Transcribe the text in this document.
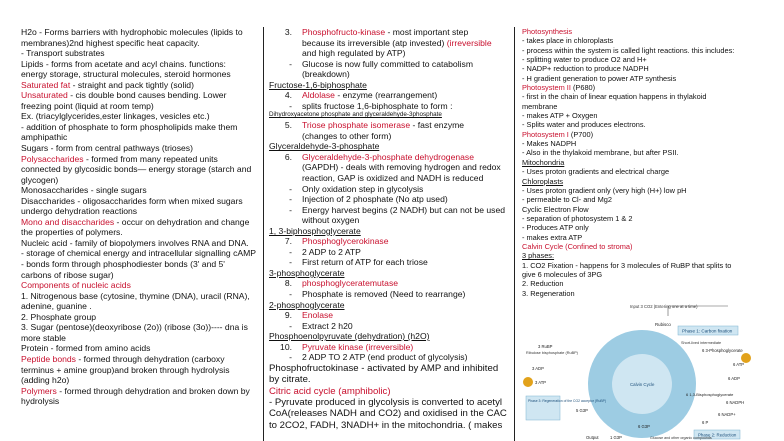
H2o - Forms barriers with hydrophobic molecules (lipids to
membranes)2nd highest specific heat capacity.
- Transport substrates
Lipids - forms from acetate and acyl chains. functions:
energy storage, structural molecules, steroid hormones
Saturated fat - straight and pack tightly (solid)
Unsaturated - cis double bond causes bending. Lower
freezing point (liquid at room temp)
Ex. (triacylglycerides,ester linkages, vesicles etc.)
- addition of phosphate to form phospholipids make them
amphipathic
Sugars - form from central pathways (trioses)
Polysaccharides - formed from many repeated units
connected by glycosidic bonds— energy storage (starch and
glycogen)
Monosaccharides - single sugars
Disaccharides - oligosaccharides form when mixed sugars
undergo dehydration reactions
Mono and disaccharides - occur on dehydration and change
the properties of polymers.
Nucleic acid - family of biopolymers involves RNA and DNA.
- storage of chemical energy and intracellular signalling cAMP
- bonds form through phosphodiester bonds (3' and 5'
carbons of ribose sugar)
Components of nucleic acids
1. Nitrogenous base (cytosine, thymine (DNA), uracil (RNA),
adenine, guanine .
2. Phosphate group
3. Sugar (pentose)(deoxyribose (2o)) (ribose (3o))---- dna is
more stable
Protein - formed from amino acids
Peptide bonds - formed through dehydration (carboxy
terminus + amine group)and broken through hydrolysis
(adding h2o)
Polymers - formed through dehydration and broken down by
hydrolysis
3. Phosphofructo-kinase - most important step
because its irreversible (atp invested) (irreversible
and high regulated by ATP)
- Glucose is now fully committed to catabolism
(breakdown)
Fructose-1,6-biphosphate
4. Aldolase - enzyme (rearrangement)
- splits fructose 1,6-biphosphate to form :
Dihydroxyacetone phosphate and glyceraldehyde-3phosphate
5. Triose phosphate isomerase - fast enzyme
(changes to other form)
Glyceraldehyde-3-phosphate
6. Glyceraldehyde-3-phosphate dehydrogenase
(GAPDH) - deals with removing hydrogen and redox
reaction, GAP is oxidized and NADH is reduced
- Only oxidation step in glycolysis
- Injection of 2 phosphate (No atp used)
- Energy harvest begins (2 NADH) but can not be used
without oxygen
1, 3-biphosphoglycerate
7. Phosphoglycerokinase
- 2 ADP to 2 ATP
- First return of ATP for each triose
3-phosphoglycerate
8. phosphoglyceratemutase
- Phosphate is removed (Need to rearrange)
2-phosphoglycerate
9. Enolase
- Extract 2 h20
Phosphoenolpyruvate (dehydration) (h2O)
10. Pyruvate kinase (irreversible)
- 2 ADP TO 2 ATP (end product of glycolysis)
Phosphofructokinase - activated by AMP and inhibited
by citrate.
Citric acid cycle (amphibolic)
- Pyruvate produced in glycolysis is converted to acetyl
CoA(releases NADH and CO2) and oxidised in the CAC
to 2CO2, FADH, 3NADH+ in the mitochondria. ( makes
Photosynthesis
- takes place in chloroplasts
- process within the system is called light reactions. this includes:
- splitting water to produce O2 and H+
- NADP+ reduction to produce NADPH
- H gradient generation to power ATP synthesis
Photosystem II (P680)
- first in the chain of linear equation happens in thylakoid
membrane
- makes ATP + Oxygen
- Splits water and produces electrons.
Photosystem I (P700)
- Makes NADPH
- Also in the thylakoid membrane, but after PSII.
Mitochondria
- Uses proton gradients and electrical charge
Chloroplasts
- Uses proton gradient only (very high (H+) low pH
- permeable to Cl- and Mg2
Cyclic Electron Flow
- separation of photosystem 1 & 2
- Produces ATP only
- makes extra ATP
Calvin Cycle (Confined to stroma)
3 phases:
1. CO2 Fixation - happens for 3 molecules of RuBP that splits to
give 6 molecules of 3PG
2. Reduction
3. Regeneration
Input 3 CO2 (Entering one at a time)
Phase 1: Carbon fixation
Rubisco
Short-lived intermediate
6 3-Phosphoglycerate
3 RuBP
Ribulose bisphosphate (RuBP)
6 ATP
6 ADP
3 ATP
3 ADP
Calvin Cycle
6 1,3-Bisphosphoglycerate
6 NADPH
6 NADP+
6 P
Phase 3: Regeneration of the CO2 acceptor (RuBP)
5 G3P
6 G3P
Phase 2: Reduction
1 G3P
Output	Glucose and other organic compounds
